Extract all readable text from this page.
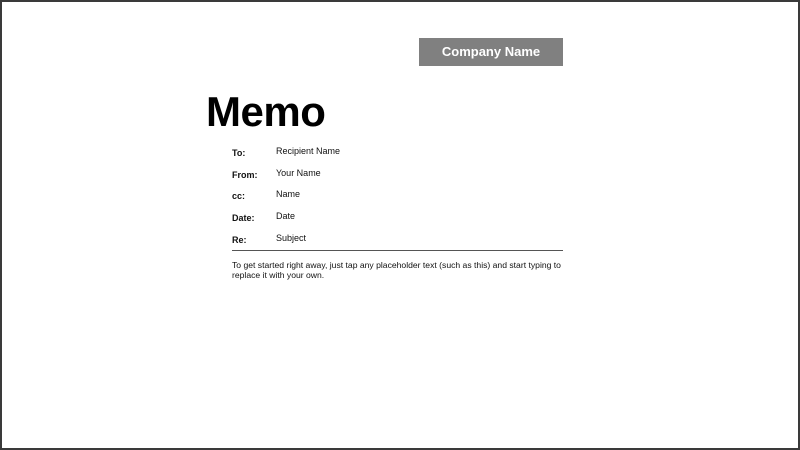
Company Name
Memo
To:	Recipient Name
From: Your Name
cc:	Name
Date: Date
Re:	Subject

To get started right away, just tap any placeholder text (such as this) and start typing to replace it with your own.
